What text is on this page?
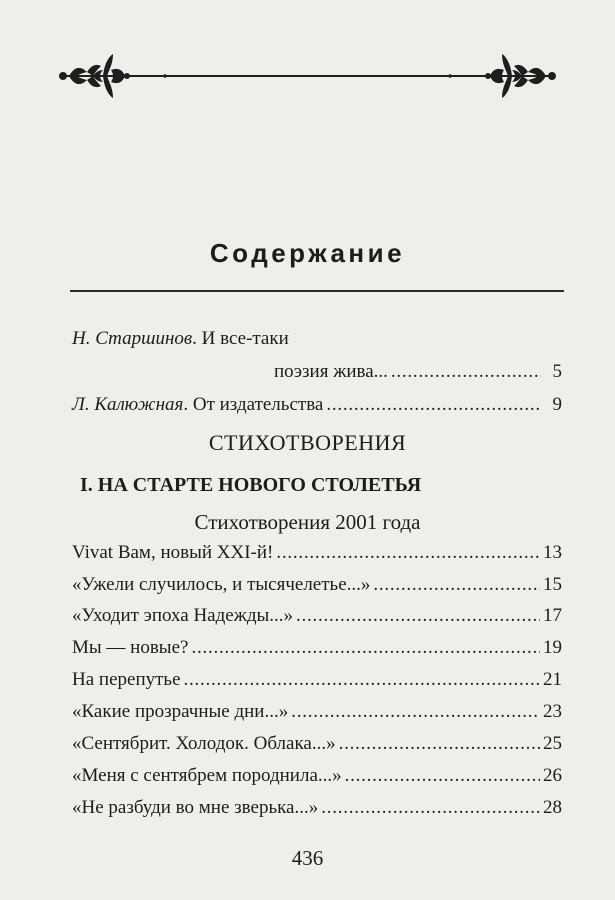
Содержание
Н. Старшинов. И все-таки
поэзия жива... . . .	5
Л. Калюжная. От издательства . . .	9
Vivat Вам, новый XXI-й! . . .	13
«Ужели случилось, и тысячелетье...» . . .	15
«Уходит эпоха Надежды...» . . .	17
Мы — новые? . . .	19
На перепутье . . .	21
«Какие прозрачные дни...» . . .	23
«Сентябрит. Холодок. Облака...» . . .	25
«Меня с сентябрем породнила...» . . .	26
«Не разбуди во мне зверька...» . . .	28
СТИХОТВОРЕНИЯ
I. НА СТАРТЕ НОВОГО СТОЛЕТЬЯ
Стихотворения 2001 года
436
